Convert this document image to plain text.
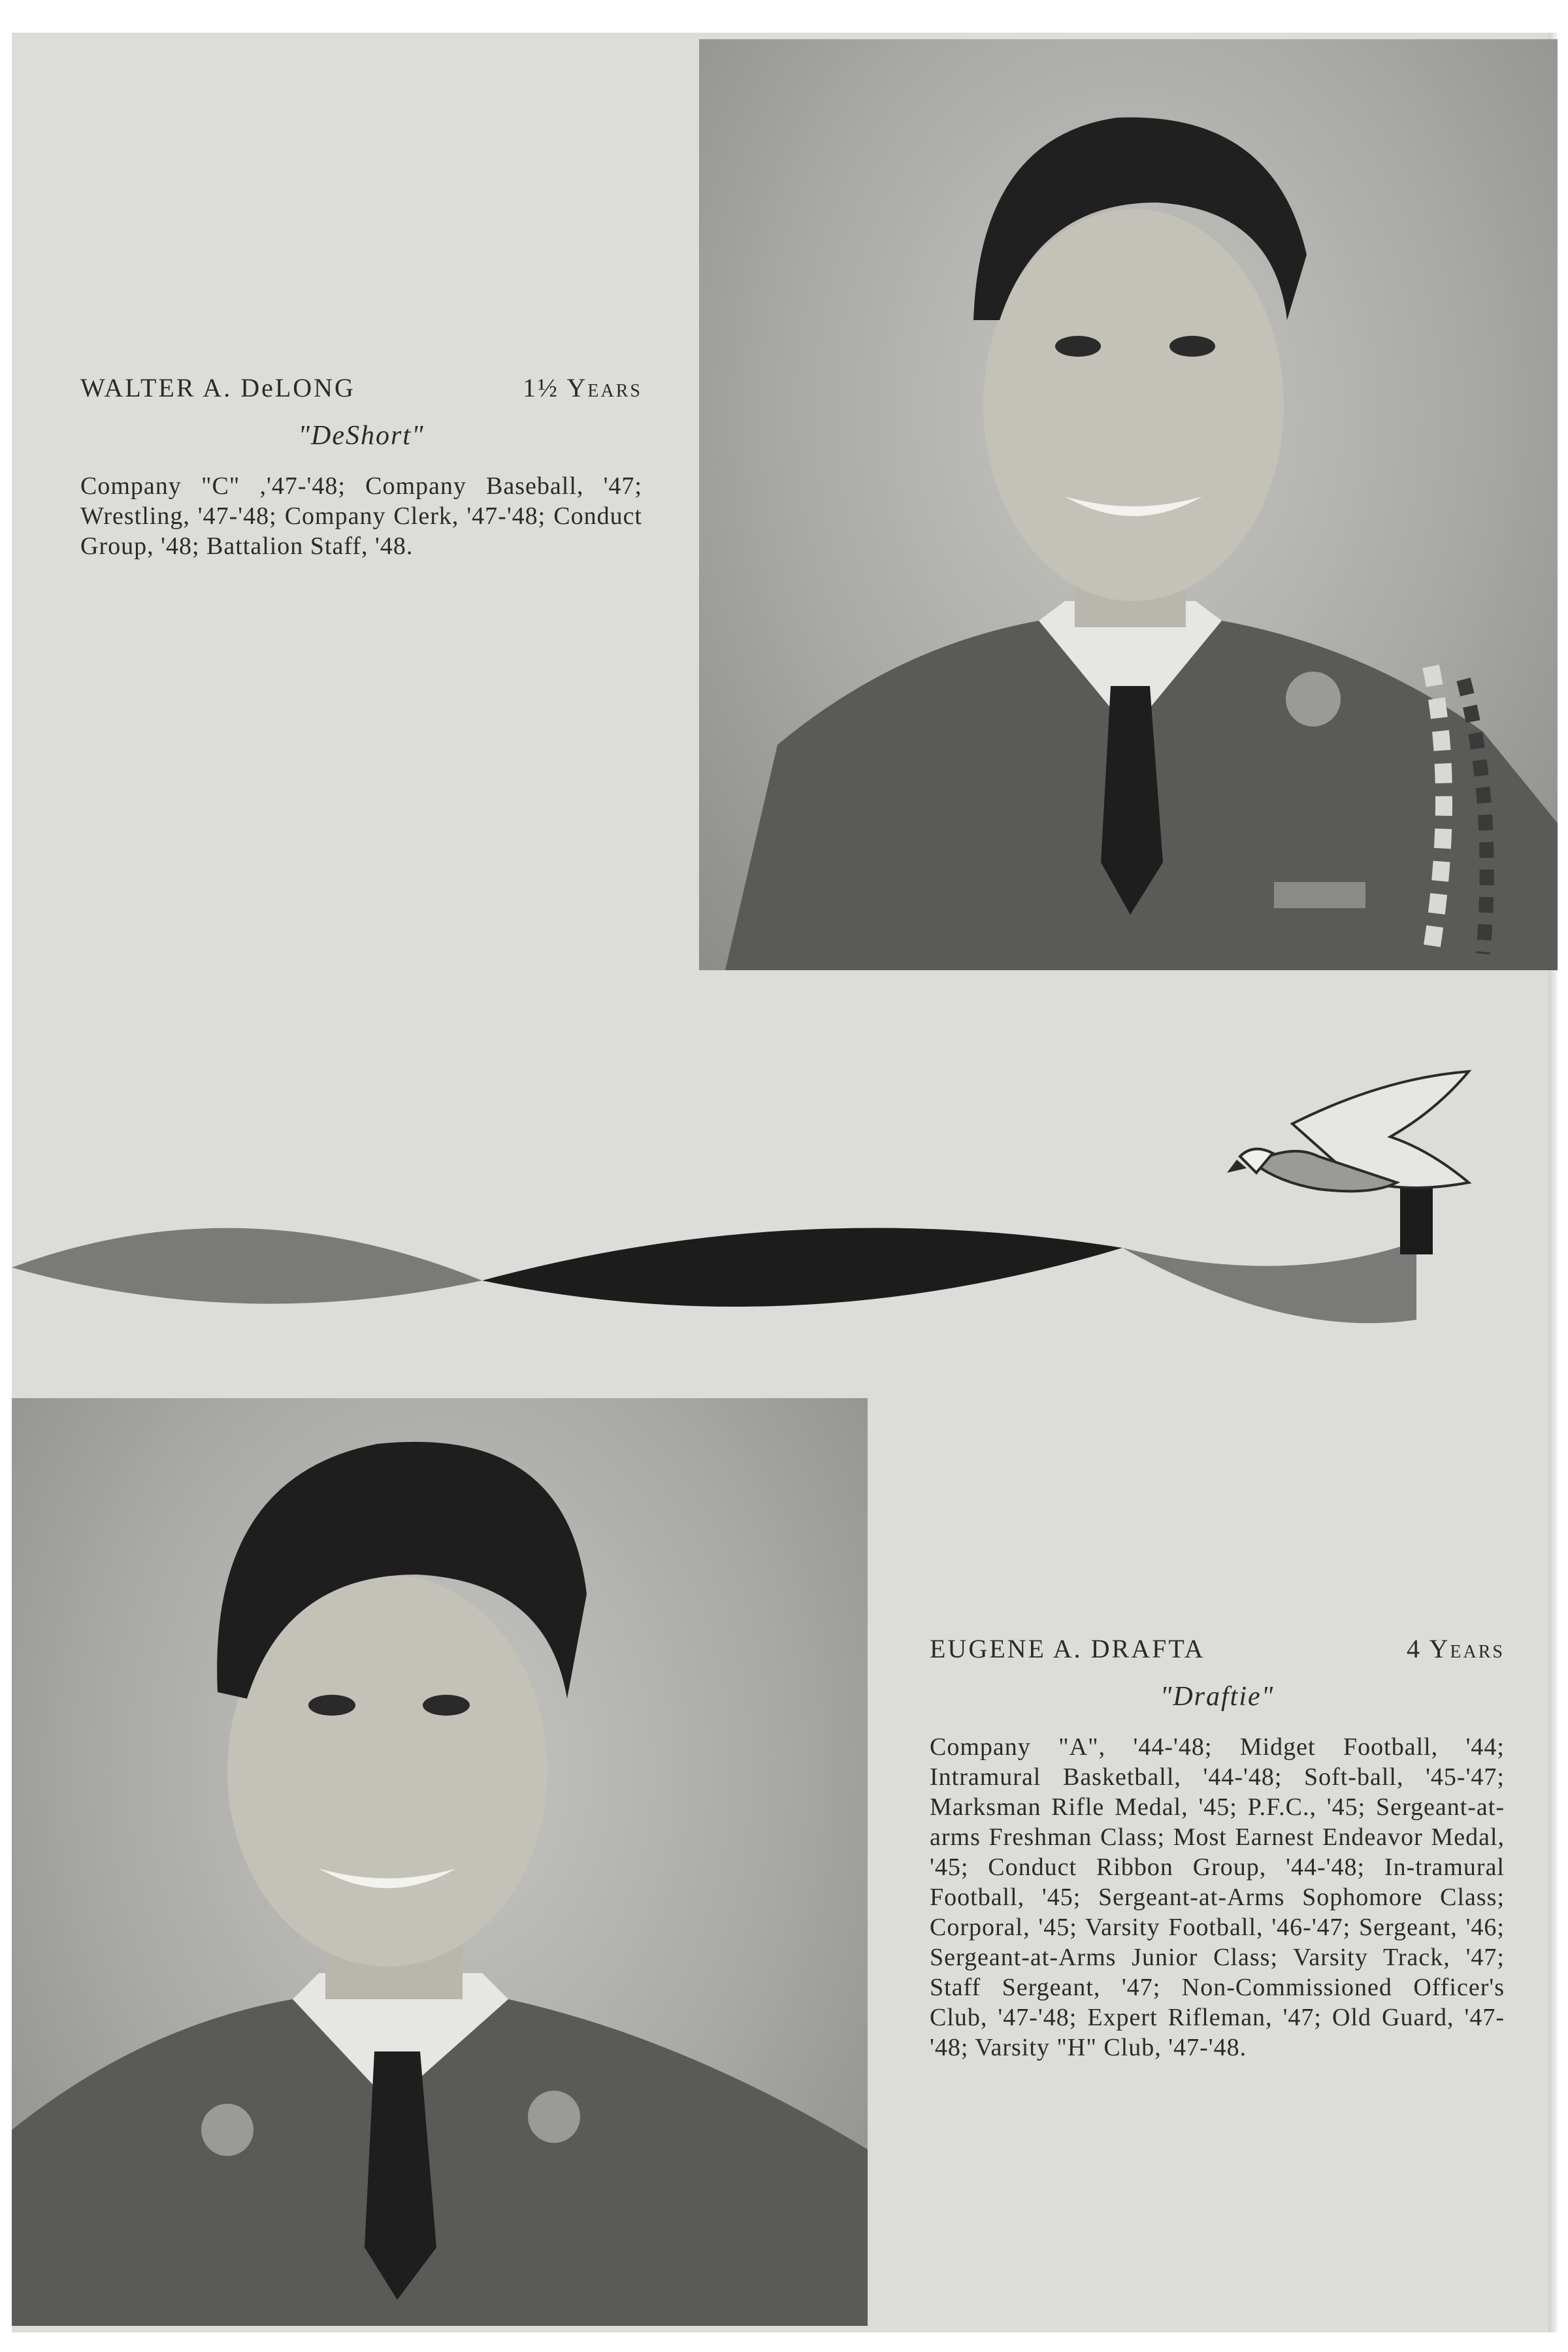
WALTER A. DeLONG	1½ Years
"DeShort"
Company "C" ,'47-'48; Company Baseball, '47; Wrestling, '47-'48; Company Clerk, '47-'48; Conduct Group, '48; Battalion Staff, '48.
EUGENE A. DRAFTA	4 Years
"Draftie"
Company "A", '44-'48; Midget Football, '44; Intramural Basketball, '44-'48; Soft-ball, '45-'47; Marksman Rifle Medal, '45; P.F.C., '45; Sergeant-at-arms Freshman Class; Most Earnest Endeavor Medal, '45; Conduct Ribbon Group, '44-'48; In-tramural Football, '45; Sergeant-at-Arms Sophomore Class; Corporal, '45; Varsity Football, '46-'47; Sergeant, '46; Sergeant-at-Arms Junior Class; Varsity Track, '47; Staff Sergeant, '47; Non-Commissioned Officer's Club, '47-'48; Expert Rifleman, '47; Old Guard, '47-'48; Varsity "H" Club, '47-'48.
